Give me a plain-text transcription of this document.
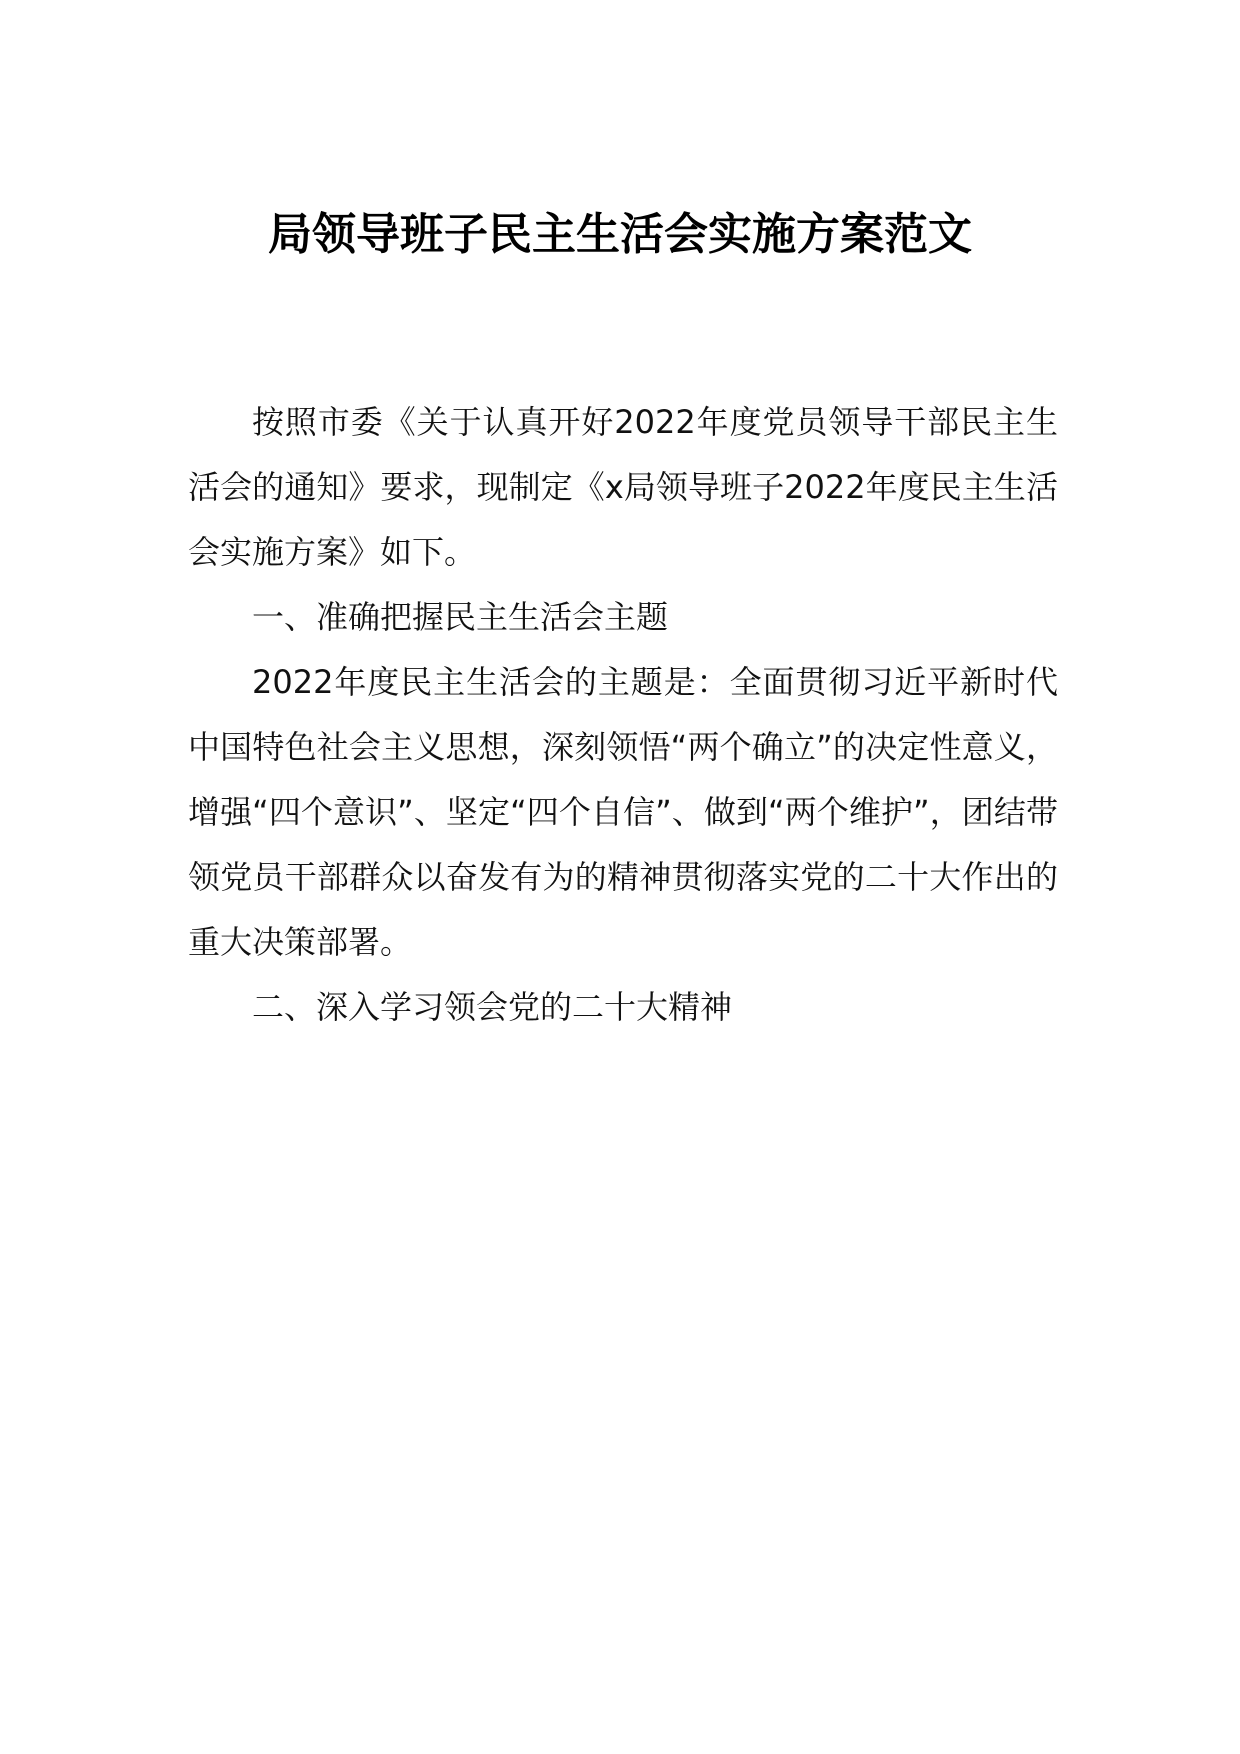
局领导班子民主生活会实施方案范文

按照市委《关于认真开好2022年度党员领导干部民主生活会的通知》要求，现制定《x局领导班子2022年度民主生活会实施方案》如下。

一、准确把握民主生活会主题

2022年度民主生活会的主题是：全面贯彻习近平新时代中国特色社会主义思想，深刻领悟“两个确立”的决定性意义，增强“四个意识”、坚定“四个自信”、做到“两个维护”，团结带领党员干部群众以奋发有为的精神贯彻落实党的二十大作出的重大决策部署。

二、深入学习领会党的二十大精神
